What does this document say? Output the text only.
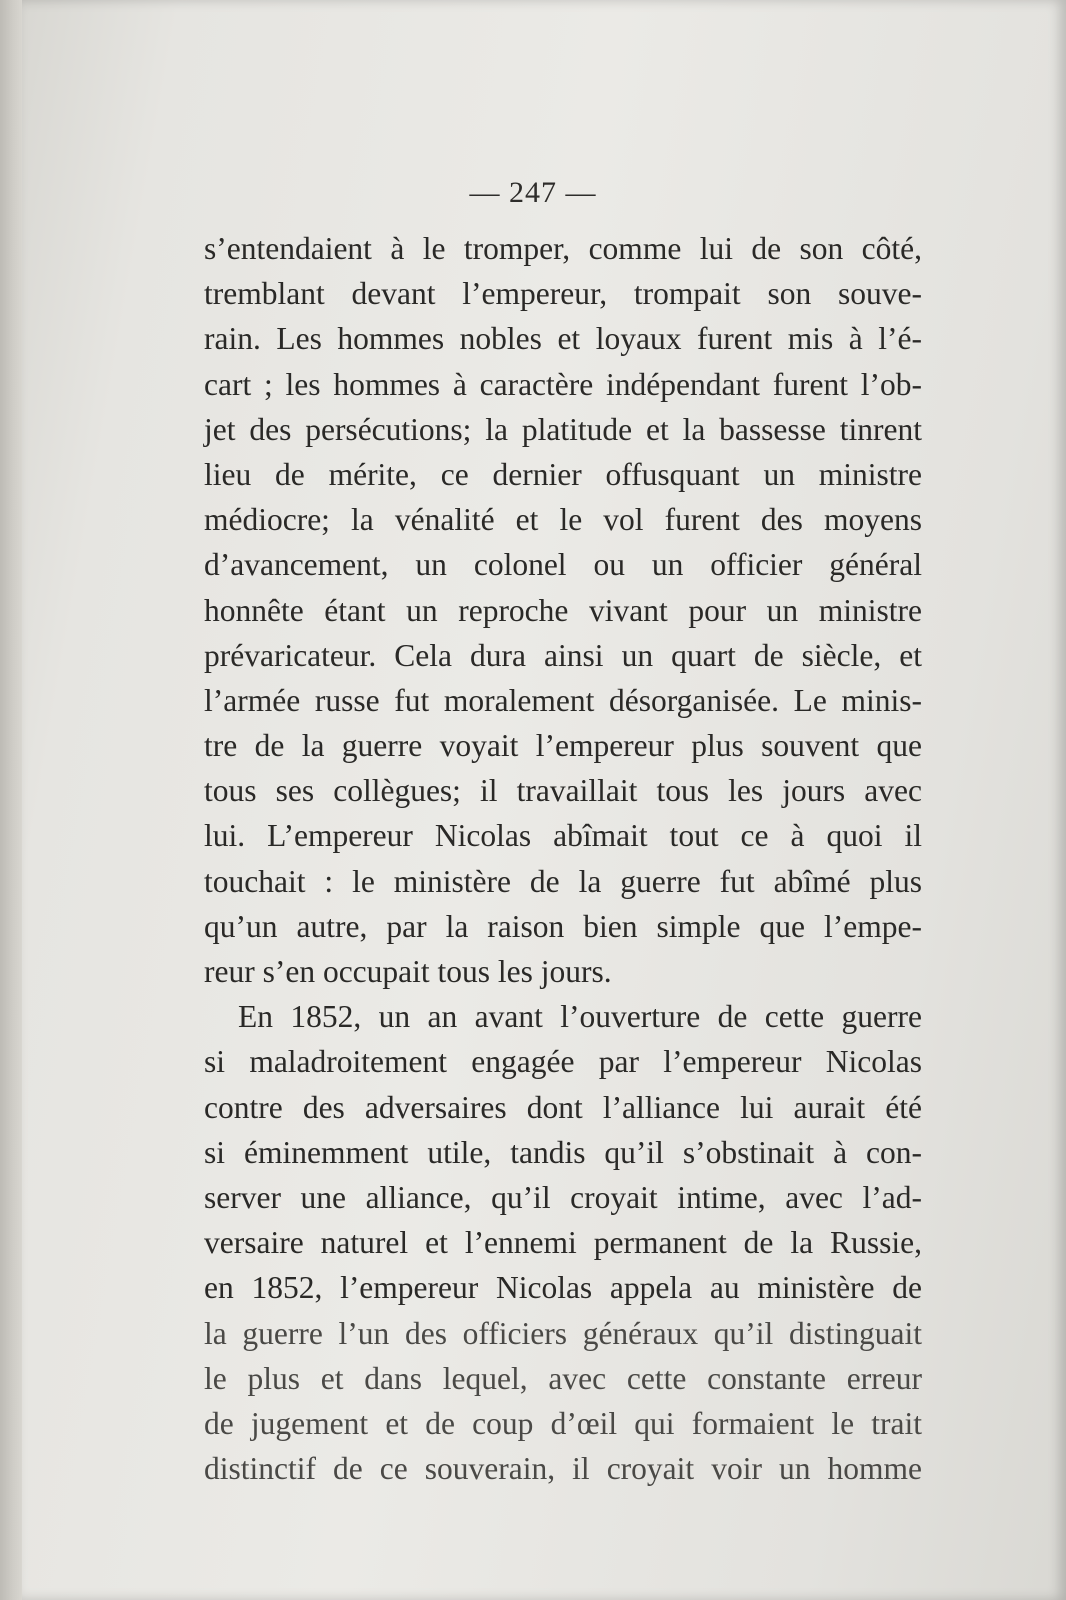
— 247 —
s’entendaient à le tromper, comme lui de son côté,
tremblant devant l’empereur, trompait son souve-
rain. Les hommes nobles et loyaux furent mis à l’é-
cart ; les hommes à caractère indépendant furent l’ob-
jet des persécutions; la platitude et la bassesse tinrent
lieu de mérite, ce dernier offusquant un ministre
médiocre; la vénalité et le vol furent des moyens
d’avancement, un colonel ou un officier général
honnête étant un reproche vivant pour un ministre
prévaricateur. Cela dura ainsi un quart de siècle, et
l’armée russe fut moralement désorganisée. Le minis-
tre de la guerre voyait l’empereur plus souvent que
tous ses collègues; il travaillait tous les jours avec
lui. L’empereur Nicolas abîmait tout ce à quoi il
touchait : le ministère de la guerre fut abîmé plus
qu’un autre, par la raison bien simple que l’empe-
reur s’en occupait tous les jours.
En 1852, un an avant l’ouverture de cette guerre
si maladroitement engagée par l’empereur Nicolas
contre des adversaires dont l’alliance lui aurait été
si éminemment utile, tandis qu’il s’obstinait à con-
server une alliance, qu’il croyait intime, avec l’ad-
versaire naturel et l’ennemi permanent de la Russie,
en 1852, l’empereur Nicolas appela au ministère de
la guerre l’un des officiers généraux qu’il distinguait
le plus et dans lequel, avec cette constante erreur
de jugement et de coup d’œil qui formaient le trait
distinctif de ce souverain, il croyait voir un homme
